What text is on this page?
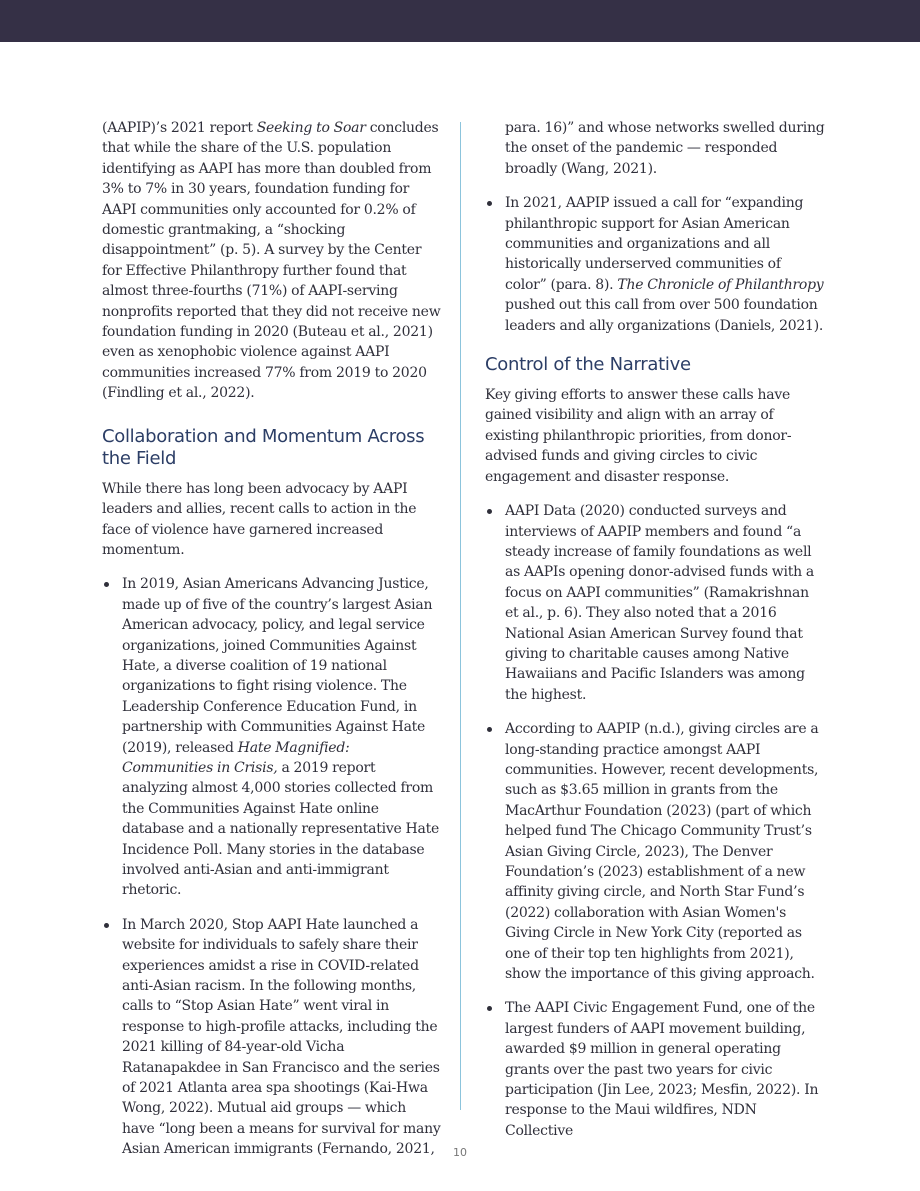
(AAPIP)’s 2021 report Seeking to Soar concludes that while the share of the U.S. population identifying as AAPI has more than doubled from 3% to 7% in 30 years, foundation funding for AAPI communities only accounted for 0.2% of domestic grantmaking, a “shocking disappointment” (p. 5). A survey by the Center for Effective Philanthropy further found that almost three-fourths (71%) of AAPI-serving nonprofits reported that they did not receive new foundation funding in 2020 (Buteau et al., 2021) even as xenophobic violence against AAPI communities increased 77% from 2019 to 2020 (Findling et al., 2022).

Collaboration and Momentum Across the Field

While there has long been advocacy by AAPI leaders and allies, recent calls to action in the face of violence have garnered increased momentum.

In 2019, Asian Americans Advancing Justice, made up of five of the country’s largest Asian American advocacy, policy, and legal service organizations, joined Communities Against Hate, a diverse coalition of 19 national organizations to fight rising violence. The Leadership Conference Education Fund, in partnership with Communities Against Hate (2019), released Hate Magnified: Communities in Crisis, a 2019 report analyzing almost 4,000 stories collected from the Communities Against Hate online database and a nationally representative Hate Incidence Poll. Many stories in the database involved anti-Asian and anti-immigrant rhetoric.
In March 2020, Stop AAPI Hate launched a website for individuals to safely share their experiences amidst a rise in COVID-related anti-Asian racism. In the following months, calls to “Stop Asian Hate” went viral in response to high-profile attacks, including the 2021 killing of 84-year-old Vicha Ratanapakdee in San Francisco and the series of 2021 Atlanta area spa shootings (Kai-Hwa Wong, 2022). Mutual aid groups — which have “long been a means for survival for many Asian American immigrants (Fernando, 2021,
para. 16)” and whose networks swelled during the onset of the pandemic — responded broadly (Wang, 2021).
In 2021, AAPIP issued a call for “expanding philanthropic support for Asian American communities and organizations and all historically underserved communities of color” (para. 8). The Chronicle of Philanthropy pushed out this call from over 500 foundation leaders and ally organizations (Daniels, 2021).
Control of the Narrative

Key giving efforts to answer these calls have gained visibility and align with an array of existing philanthropic priorities, from donor-advised funds and giving circles to civic engagement and disaster response.

AAPI Data (2020) conducted surveys and interviews of AAPIP members and found “a steady increase of family foundations as well as AAPIs opening donor-advised funds with a focus on AAPI communities” (Ramakrishnan et al., p. 6). They also noted that a 2016 National Asian American Survey found that giving to charitable causes among Native Hawaiians and Pacific Islanders was among the highest.
According to AAPIP (n.d.), giving circles are a long-standing practice amongst AAPI communities. However, recent developments, such as $3.65 million in grants from the MacArthur Foundation (2023) (part of which helped fund The Chicago Community Trust’s Asian Giving Circle, 2023), The Denver Foundation’s (2023) establishment of a new affinity giving circle, and North Star Fund’s (2022) collaboration with Asian Women's Giving Circle in New York City (reported as one of their top ten highlights from 2021), show the importance of this giving approach.
The AAPI Civic Engagement Fund, one of the largest funders of AAPI movement building, awarded $9 million in general operating grants over the past two years for civic participation (Jin Lee, 2023; Mesfin, 2022). In response to the Maui wildfires, NDN Collective
10
